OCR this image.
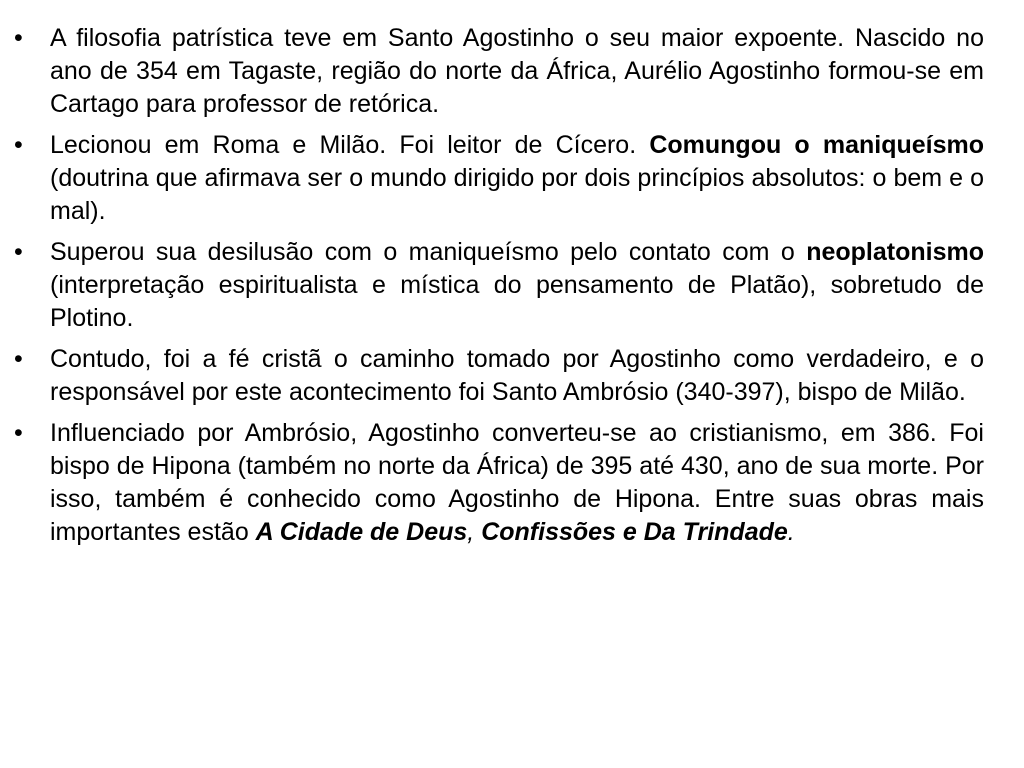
•	A filosofia patrística teve em Santo Agostinho o seu maior expoente. Nascido no ano de 354 em Tagaste, região do norte da África, Aurélio Agostinho formou-se em Cartago para professor de retórica.
•	Lecionou em Roma e Milão. Foi leitor de Cícero. Comungou o maniqueísmo (doutrina que afirmava ser o mundo dirigido por dois princípios absolutos: o bem e o mal).
•	Superou sua desilusão com o maniqueísmo pelo contato com o neoplatonismo (interpretação espiritualista e mística do pensamento de Platão), sobretudo de Plotino.
•	Contudo, foi a fé cristã o caminho tomado por Agostinho como verdadeiro, e o responsável por este acontecimento foi Santo Ambrósio (340-397), bispo de Milão.
•	Influenciado por Ambrósio, Agostinho converteu-se ao cristianismo, em 386. Foi bispo de Hipona (também no norte da África) de 395 até 430, ano de sua morte. Por isso, também é conhecido como Agostinho de Hipona. Entre suas obras mais importantes estão A Cidade de Deus, Confissões e Da Trindade.
